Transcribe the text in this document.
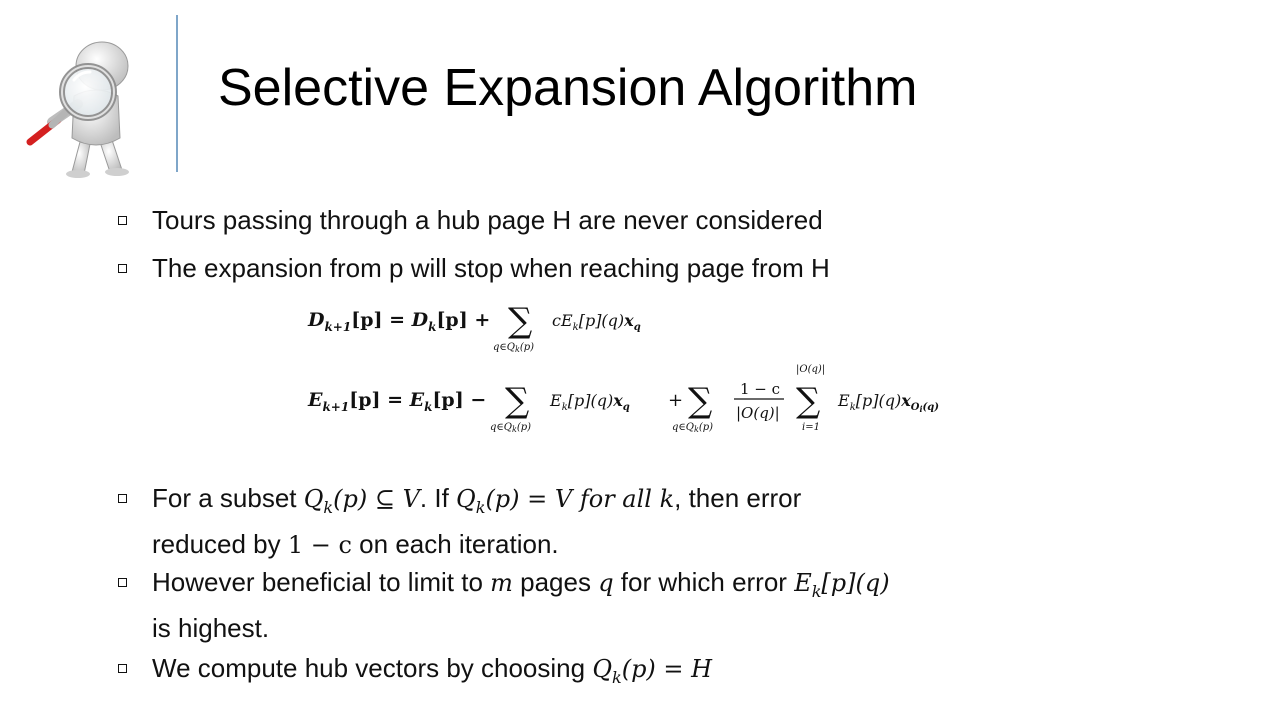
Selective Expansion Algorithm
Tours passing through a hub page H are never considered
The expansion from p will stop when reaching page from H
For a subset $Q_k(p)$ ⊆ V. If $Q_k(p) = V$ for all k, then error
reduced by 1 − c on each iteration.
However beneficial to limit to m pages q for which error $E_k[p](q)$
is highest.
We compute hub vectors by choosing $Q_k(p) = H$
$D_{k+1}[p] = D_k[p]$ + ∑
$q\in Q_k(p)$
$cE_k[p](q)x_q$
$E_{k+1}[p] = E_k[p]$ − ∑
$q\in Q_k(p)$
$E_k[p](q)x_q$ + ∑
$q\in Q_k(p)$
1 − c
|O(q)|
|O(q)|
∑
i=1
$E_k[p](q)x_Oi(q)$
